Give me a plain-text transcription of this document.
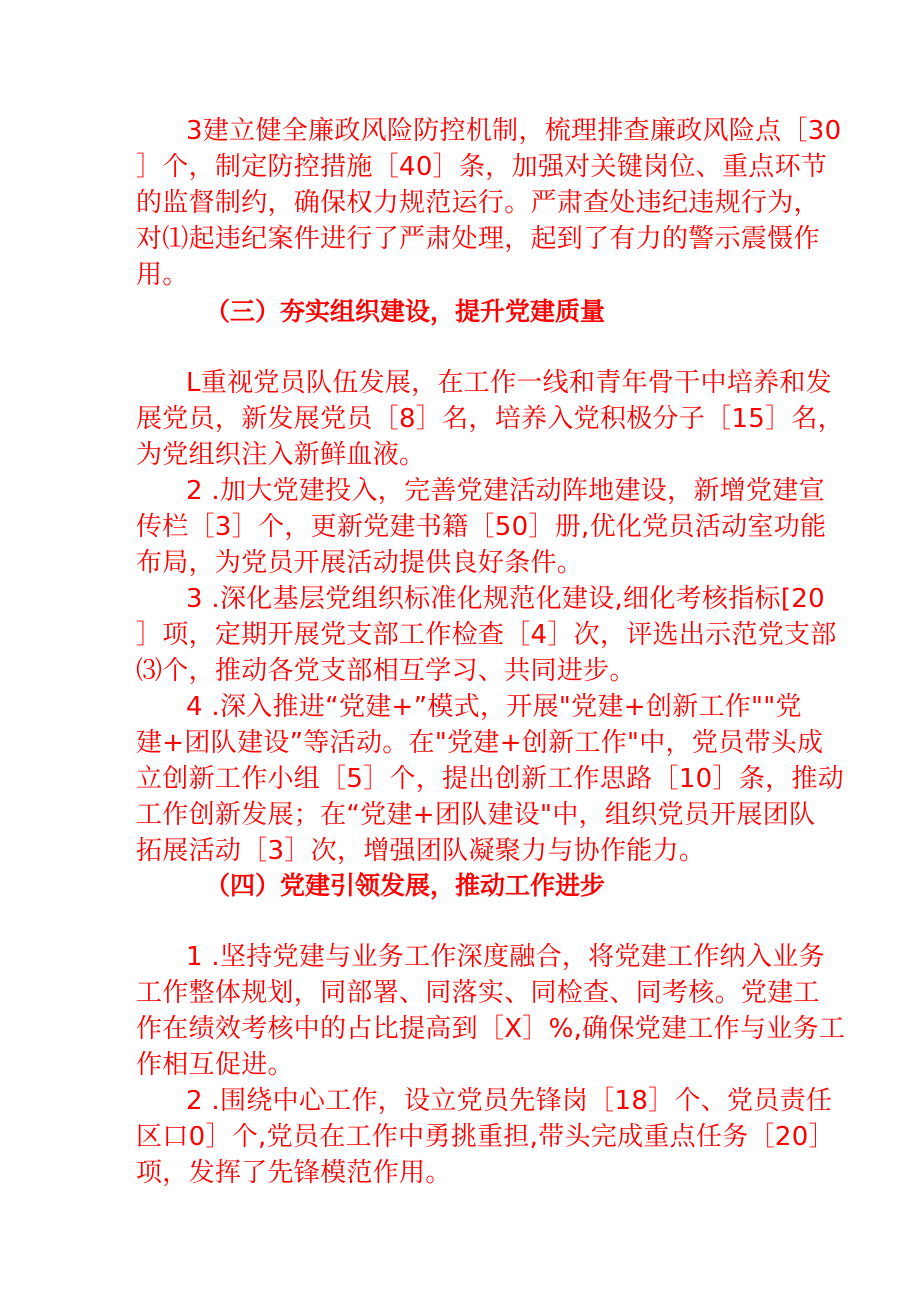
3建立健全廉政风险防控机制，梳理排查廉政风险点［30
］个，制定防控措施［40］条，加强对关键岗位、重点环节
的监督制约，确保权力规范运行。严肃查处违纪违规行为，
对⑴起违纪案件进行了严肃处理，起到了有力的警示震慑作
用。
（三）夯实组织建设，提升党建质量
L重视党员队伍发展，在工作一线和青年骨干中培养和发
展党员，新发展党员［8］名，培养入党积极分子［15］名，
为党组织注入新鲜血液。
2 .加大党建投入，完善党建活动阵地建设，新增党建宣
传栏［3］个，更新党建书籍［50］册,优化党员活动室功能
布局，为党员开展活动提供良好条件。
3 .深化基层党组织标准化规范化建设,细化考核指标[20
］项，定期开展党支部工作检查［4］次，评选出示范党支部
⑶个，推动各党支部相互学习、共同进步。
4 .深入推进“党建+”模式，开展"党建+创新工作""党
建+团队建设”等活动。在"党建+创新工作"中，党员带头成
立创新工作小组［5］个，提出创新工作思路［10］条，推动
工作创新发展；在“党建+团队建设"中，组织党员开展团队
拓展活动［3］次，增强团队凝聚力与协作能力。
（四）党建引领发展，推动工作进步
1 .坚持党建与业务工作深度融合，将党建工作纳入业务
工作整体规划，同部署、同落实、同检查、同考核。党建工
作在绩效考核中的占比提高到［X］%,确保党建工作与业务工
作相互促进。
2 .围绕中心工作，设立党员先锋岗［18］个、党员责任
区口0］个,党员在工作中勇挑重担,带头完成重点任务［20］
项，发挥了先锋模范作用。
